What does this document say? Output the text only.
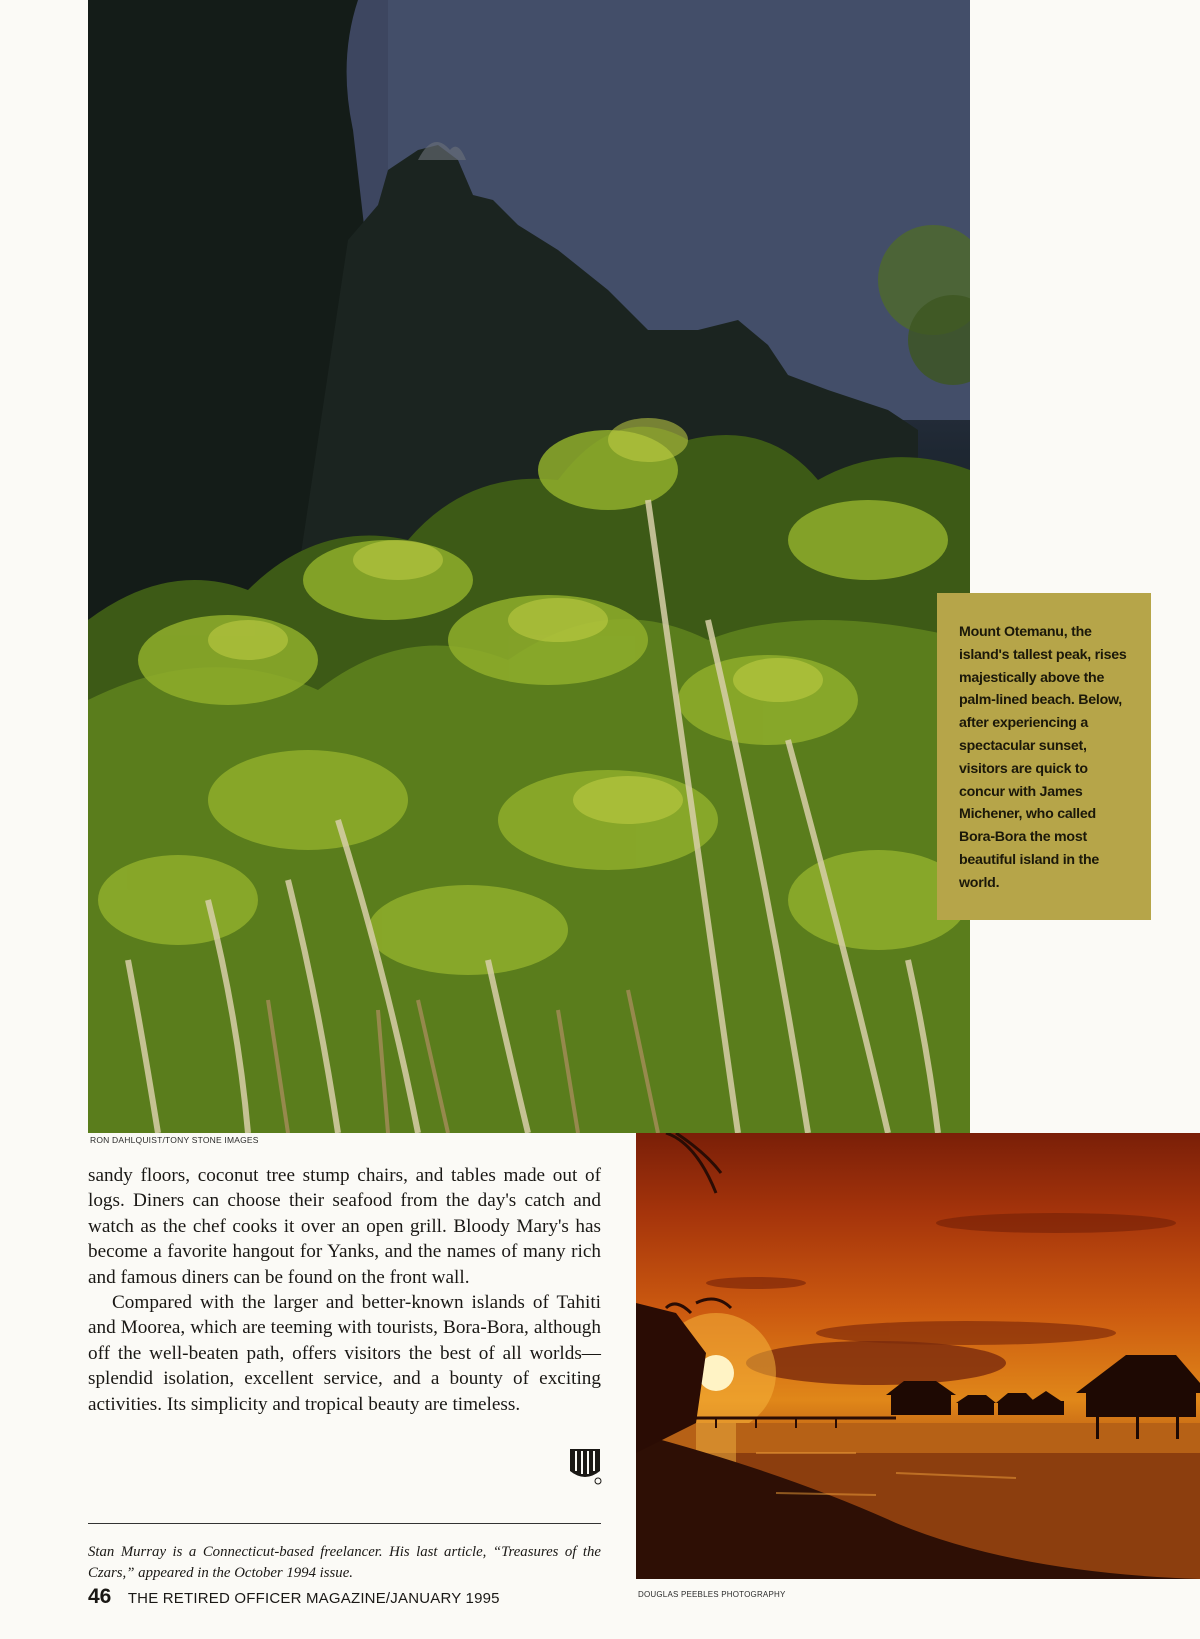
RON DAHLQUIST/TONY STONE IMAGES

Mount Otemanu, the island's tallest peak, rises majestically above the palm-lined beach. Below, after experiencing a spectacular sunset, visitors are quick to concur with James Michener, who called Bora-Bora the most beautiful island in the world.

sandy floors, coconut tree stump chairs, and tables made out of logs. Diners can choose their seafood from the day's catch and watch as the chef cooks it over an open grill. Bloody Mary's has become a favorite hangout for Yanks, and the names of many rich and famous diners can be found on the front wall.

Compared with the larger and better-known islands of Tahiti and Moorea, which are teeming with tourists, Bora-Bora, although off the well-beaten path, offers visitors the best of all worlds—splendid isolation, excellent service, and a bounty of exciting activities. Its simplicity and tropical beauty are timeless.

Stan Murray is a Connecticut-based freelancer. His last article, “Treasures of the Czars,” appeared in the October 1994 issue.

DOUGLAS PEEBLES PHOTOGRAPHY
46 THE RETIRED OFFICER MAGAZINE/JANUARY 1995
